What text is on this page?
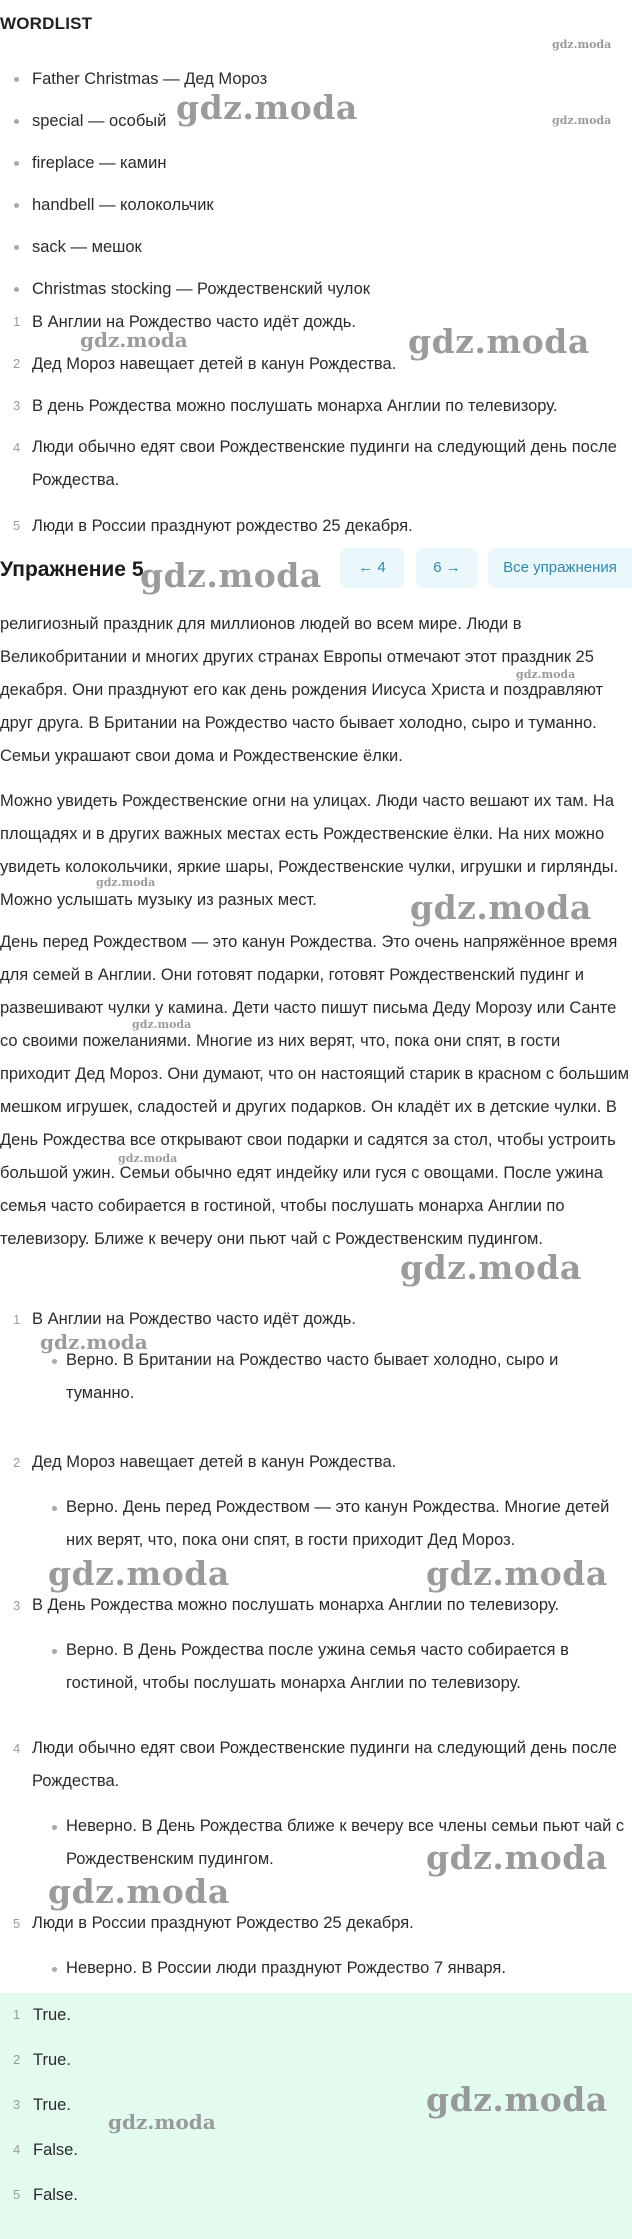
WORDLIST
Father Christmas — Дед Мороз
special — особый
fireplace — камин
handbell — колокольчик
sack — мешок
Christmas stocking — Рождественский чулок
1 В Англии на Рождество часто идёт дождь.
2 Дед Мороз навещает детей в канун Рождества.
3 В день Рождества можно послушать монарха Англии по телевизору.
4 Люди обычно едят свои Рождественские пудинги на следующий день после Рождества.
5 Люди в России празднуют рождество 25 декабря.
Упражнение 5	← 4	6 →	Все упражнения
религиозный праздник для миллионов людей во всем мире. Люди в Великобритании и многих других странах Европы отмечают этот праздник 25 декабря. Они празднуют его как день рождения Иисуса Христа и поздравляют друг друга. В Британии на Рождество часто бывает холодно, сыро и туманно. Семьи украшают свои дома и Рождественские ёлки.
Можно увидеть Рождественские огни на улицах. Люди часто вешают их там. На площадях и в других важных местах есть Рождественские ёлки. На них можно увидеть колокольчики, яркие шары, Рождественские чулки, игрушки и гирлянды. Можно услышать музыку из разных мест.
День перед Рождеством — это канун Рождества. Это очень напряжённое время для семей в Англии. Они готовят подарки, готовят Рождественский пудинг и развешивают чулки у камина. Дети часто пишут письма Деду Морозу или Санте со своими пожеланиями. Многие из них верят, что, пока они спят, в гости приходит Дед Мороз. Они думают, что он настоящий старик в красном с большим мешком игрушек, сладостей и других подарков. Он кладёт их в детские чулки. В День Рождества все открывают свои подарки и садятся за стол, чтобы устроить большой ужин. Семьи обычно едят индейку или гуся с овощами. После ужина семья часто собирается в гостиной, чтобы послушать монарха Англии по телевизору. Ближе к вечеру они пьют чай с Рождественским пудингом.
1 В Англии на Рождество часто идёт дождь.
Верно. В Британии на Рождество часто бывает холодно, сыро и туманно.
2 Дед Мороз навещает детей в канун Рождества.
Верно. День перед Рождеством — это канун Рождества. Многие детей них верят, что, пока они спят, в гости приходит Дед Мороз.
3 В День Рождества можно послушать монарха Англии по телевизору.
Верно. В День Рождества после ужина семья часто собирается в гостиной, чтобы послушать монарха Англии по телевизору.
4 Люди обычно едят свои Рождественские пудинги на следующий день после Рождества.
Неверно. В День Рождества ближе к вечеру все члены семьи пьют чай с Рождественским пудингом.
5 Люди в России празднуют Рождество 25 декабря.
Неверно. В России люди празднуют Рождество 7 января.
1 True.
2 True.
3 True.
4 False.
5 False.
gdz.moda
gdz.moda	gdz.moda
gdz.moda	gdz.moda
gdz.moda
gdz.moda
gdz.moda
gdz.moda
gdz.moda
gdz.moda
gdz.moda
gdz.moda
gdz.moda	gdz.moda
gdz.moda
gdz.moda
gdz.moda
gdz.moda
